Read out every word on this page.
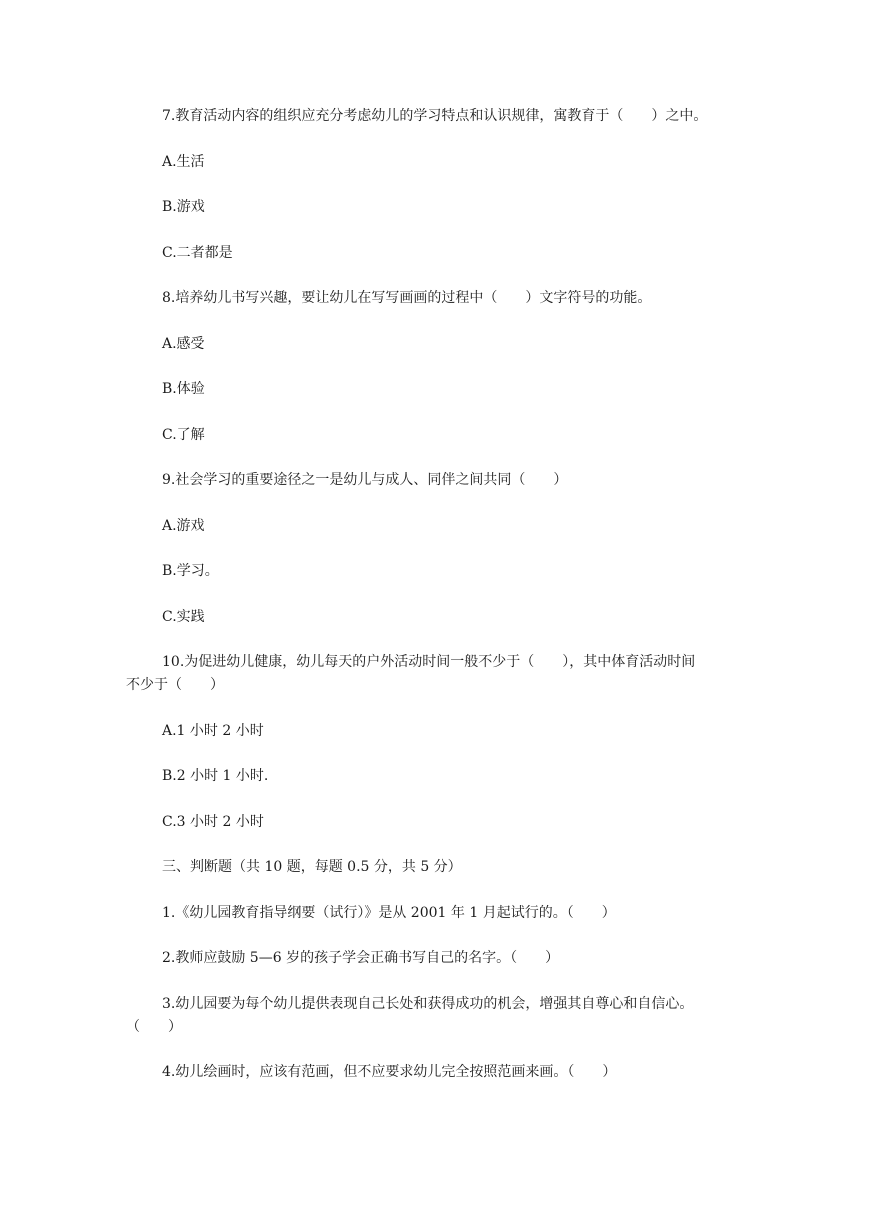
7.教育活动内容的组织应充分考虑幼儿的学习特点和认识规律，寓教育于（　　）之中。
A.生活
B.游戏
C.二者都是
8.培养幼儿书写兴趣，要让幼儿在写写画画的过程中（　　）文字符号的功能。
A.感受
B.体验
C.了解
9.社会学习的重要途径之一是幼儿与成人、同伴之间共同（　　）
A.游戏
B.学习。
C.实践
10.为促进幼儿健康，幼儿每天的户外活动时间一般不少于（　　），其中体育活动时间
不少于（　　）
A.1 小时 2 小时
B.2 小时 1 小时.
C.3 小时 2 小时
三、判断题（共 10 题，每题 0.5 分，共 5 分）
1.《幼儿园教育指导纲要（试行）》是从 2001 年 1 月起试行的。（　　）
2.教师应鼓励 5—6 岁的孩子学会正确书写自己的名字。（　　）
3.幼儿园要为每个幼儿提供表现自己长处和获得成功的机会，增强其自尊心和自信心。
（　　）
4.幼儿绘画时，应该有范画，但不应要求幼儿完全按照范画来画。（　　）
